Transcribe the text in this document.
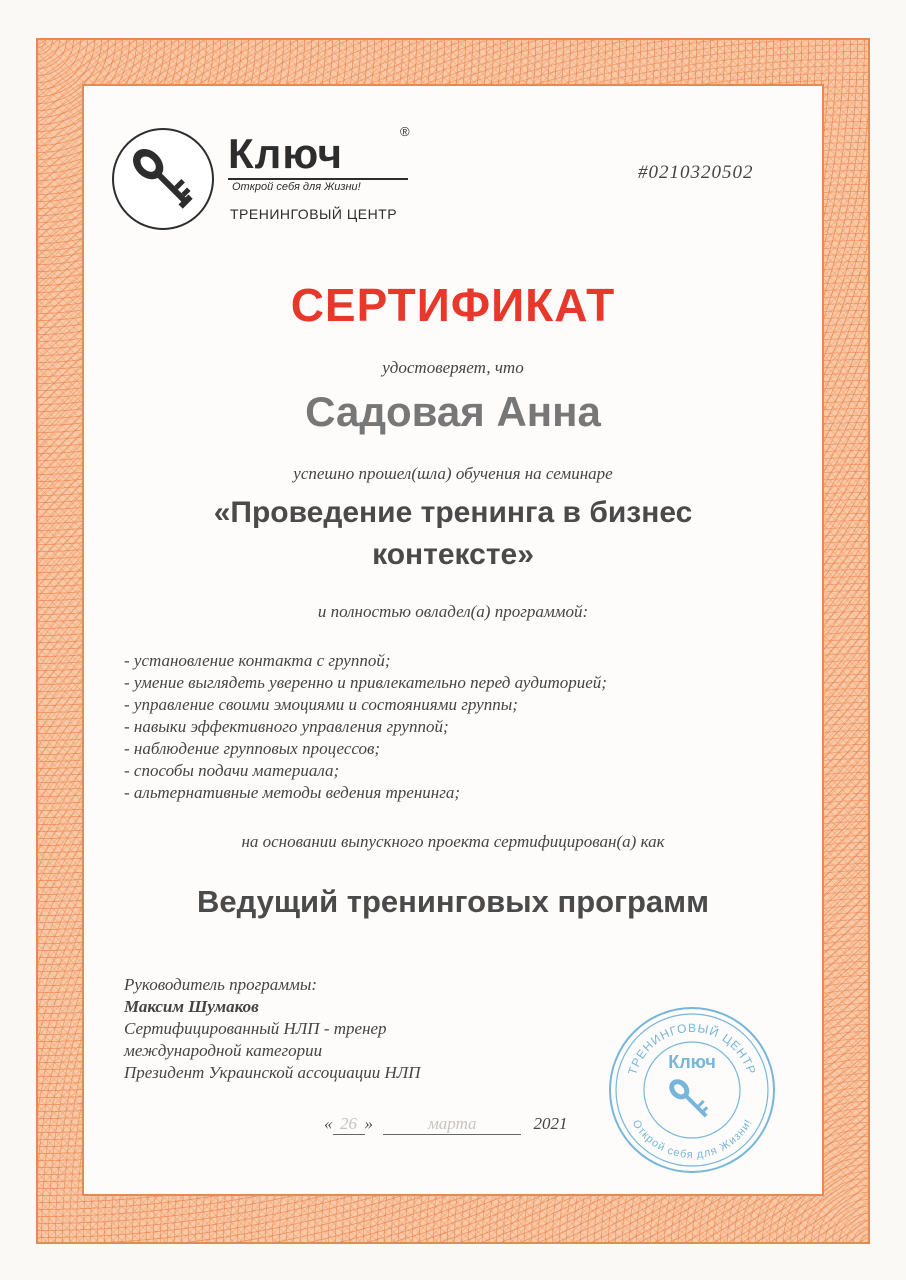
Ключ	®
Открой себя для Жизни!
ТРЕНИНГОВЫЙ ЦЕНТР
#0210320502
СЕРТИФИКАТ
удостоверяет, что
Садовая Анна
успешно прошел(шла) обучения на семинаре
«Проведение тренинга в бизнес
контексте»
и полностью овладел(а) программой:
- установление контакта с группой;
- умение выглядеть уверенно и привлекательно перед аудиторией;
- управление своими эмоциями и состояниями группы;
- навыки эффективного управления группой;
- наблюдение групповых процессов;
- способы подачи материала;
- альтернативные методы ведения тренинга;
на основании выпускного проекта сертифицирован(а) как
Ведущий тренинговых программ
Руководитель программы:
Максим Шумаков
Сертифицированный НЛП - тренер
международной категории
Президент Украинской ассоциации НЛП
« 26 »	марта	2021
ТРЕНИНГОВЫЙ ЦЕНТР
Открой себя для Жизни!
Ключ
